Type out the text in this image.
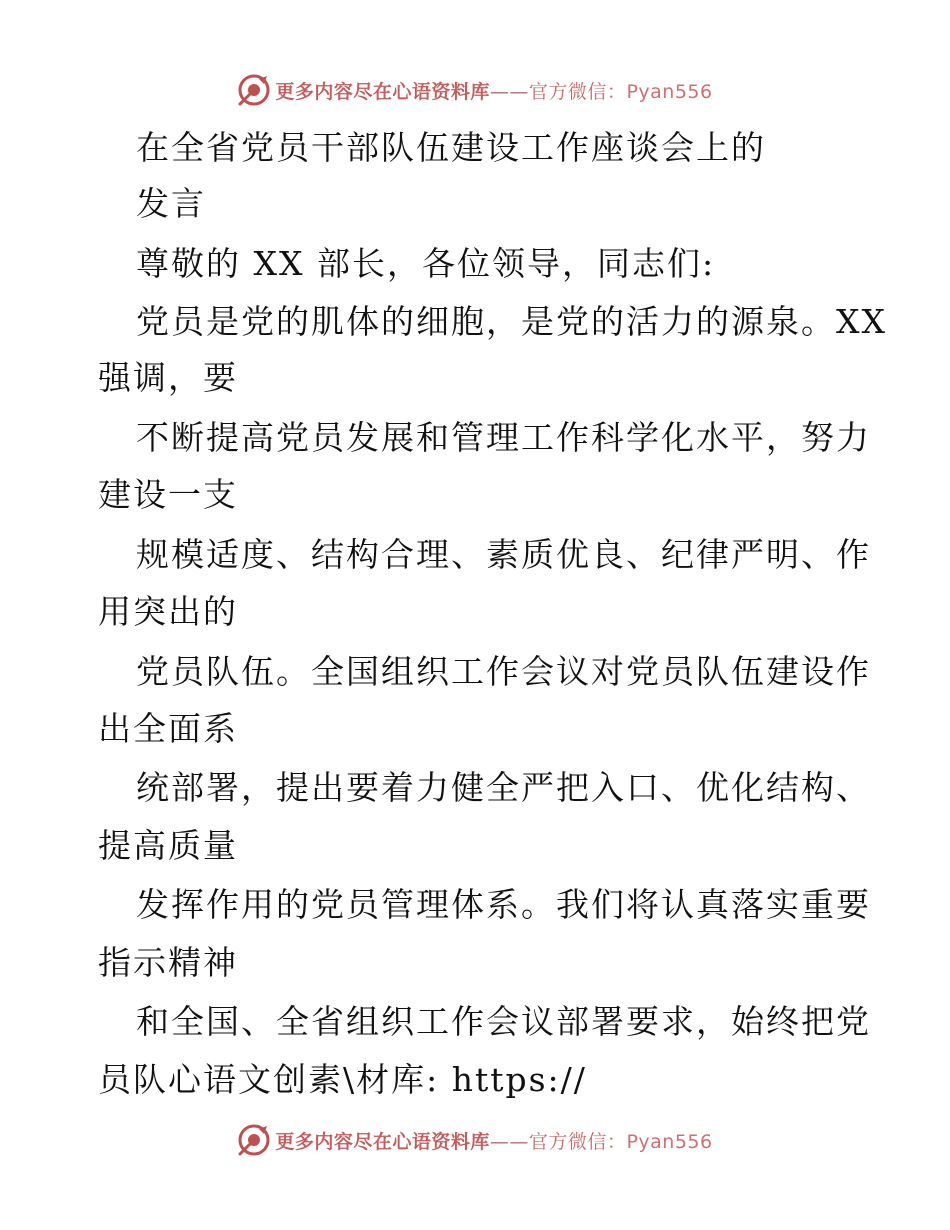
更多内容尽在心语资料库——官方微信：Pyan556
在全省党员干部队伍建设工作座谈会上的
发言
尊敬的 XX 部长，各位领导，同志们:
党员是党的肌体的细胞，是党的活力的源泉。XX
强调，要
不断提高党员发展和管理工作科学化水平，努力
建设一支
规模适度、结构合理、素质优良、纪律严明、作
用突出的
党员队伍。全国组织工作会议对党员队伍建设作
出全面系
统部署，提出要着力健全严把入口、优化结构、
提高质量
发挥作用的党员管理体系。我们将认真落实重要
指示精神
和全国、全省组织工作会议部署要求，始终把党
员队心语文创素\材库: https://
更多内容尽在心语资料库——官方微信：Pyan556
